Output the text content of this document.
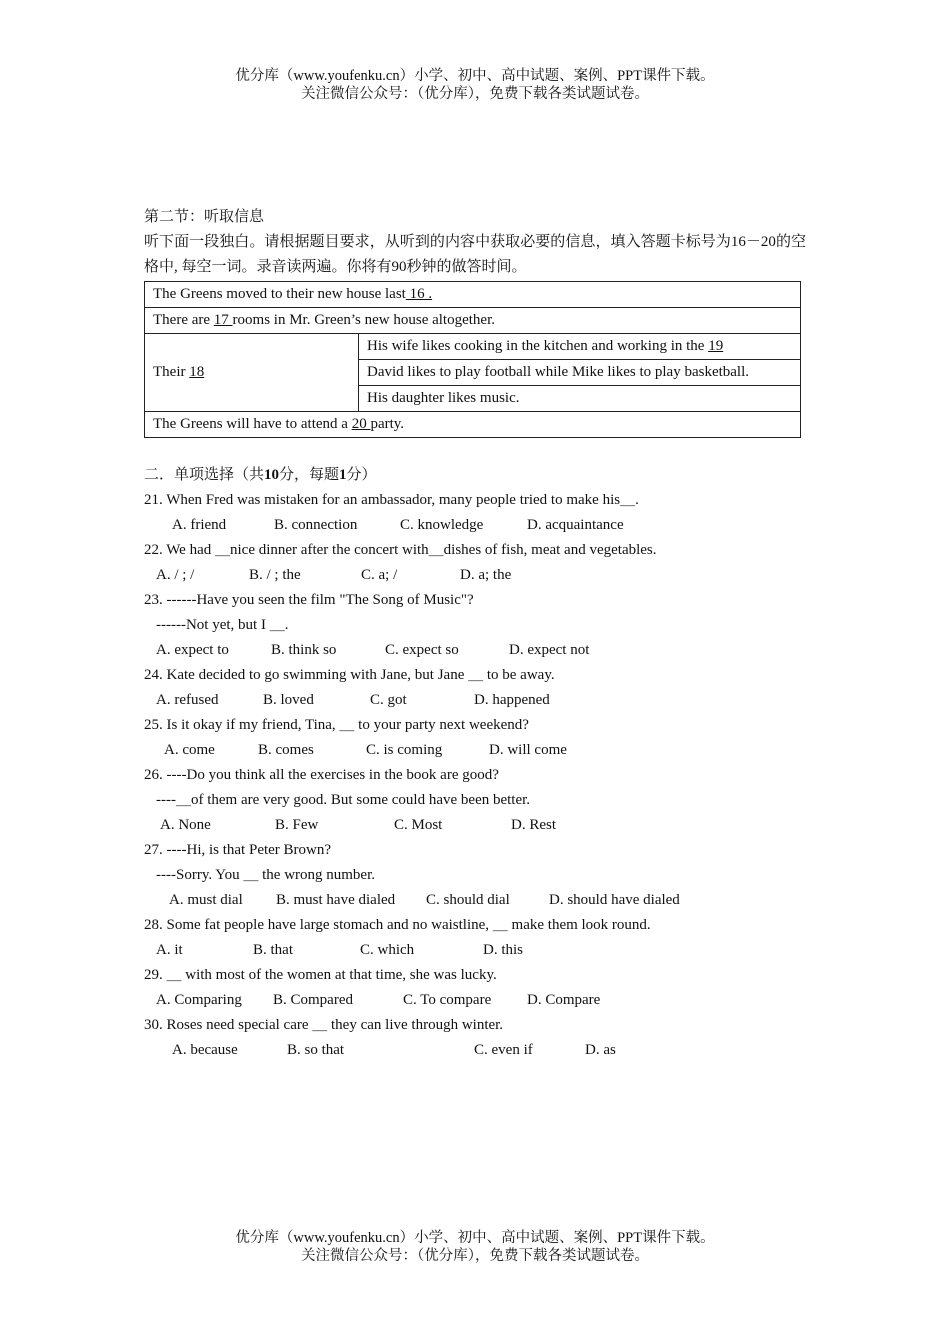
优分库（www.youfenku.cn）小学、初中、高中试题、案例、PPT课件下载。
关注微信公众号：（优分库），免费下载各类试题试卷。

第二节：听取信息

听下面一段独白。请根据题目要求，从听到的内容中获取必要的信息，填入答题卡标号为16－20的空格中, 每空一词。录音读两遍。你将有90秒钟的做答时间。

The Greens moved to their new house last 16 .
There are 17 rooms in Mr. Green’s new house altogether.
Their 18	His wife likes cooking in the kitchen and working in the 19
David likes to play football while Mike likes to play basketball.
His daughter likes music.
The Greens will have to attend a 20 party.

二．单项选择（共10分，每题1分）

21. When Fred was mistaken for an ambassador, many people tried to make his＿.

A. friend	B. connection	C. knowledge	D. acquaintance

22. We had ＿nice dinner after the concert with＿dishes of fish, meat and vegetables.

A. / ; /	B. / ; the	C. a; /	D. a; the

23. ------Have you seen the film "The Song of Music"?

------Not yet, but I ＿.

A. expect to	B. think so	C. expect so	D. expect not

24. Kate decided to go swimming with Jane, but Jane ＿ to be away.

A. refused	B. loved	C. got	D. happened

25. Is it okay if my friend, Tina, ＿ to your party next weekend?

A. come	B. comes	C. is coming	D. will come

26. ----Do you think all the exercises in the book are good?

----＿of them are very good. But some could have been better.

A. None	B. Few	C. Most	D. Rest

27. ----Hi, is that Peter Brown?

----Sorry. You ＿ the wrong number.

A. must dial B. must have dialed C. should dial	D. should have dialed

28. Some fat people have large stomach and no waistline, ＿ make them look round.

A. it	B. that	C. which	D. this

29. ＿ with most of the women at that time, she was lucky.

A. Comparing B. Compared	C. To compare D. Compare

30. Roses need special care ＿ they can live through winter.

A. because	B. so that	C. even if	D. as
优分库（www.youfenku.cn）小学、初中、高中试题、案例、PPT课件下载。
关注微信公众号：（优分库），免费下载各类试题试卷。
